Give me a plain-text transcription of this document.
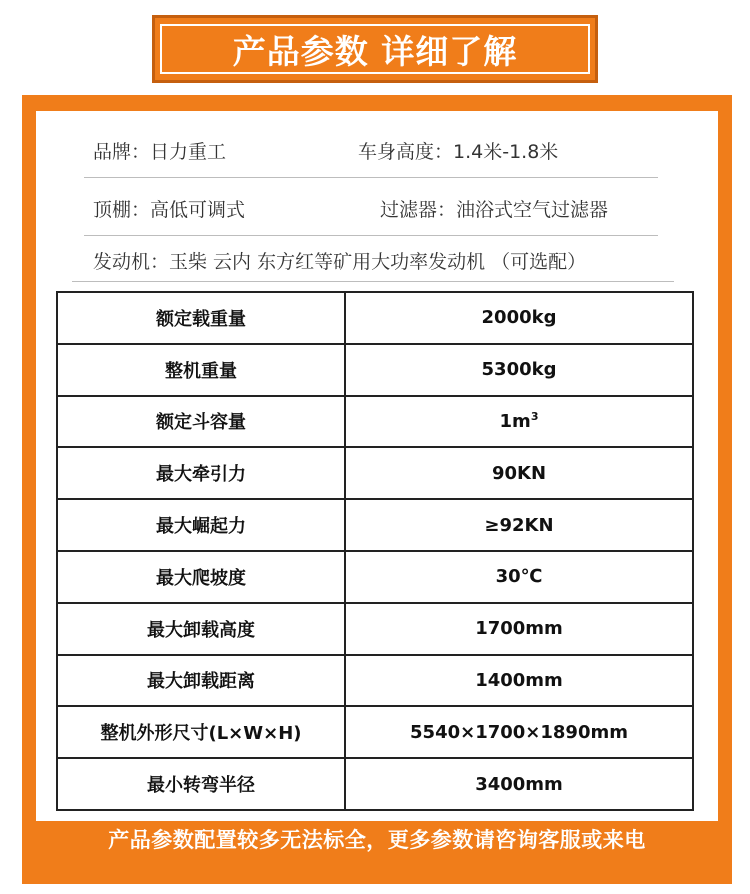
产品参数 详细了解
品牌：日力重工	车身高度：1.4米-1.8米
顶棚：高低可调式	过滤器：油浴式空气过滤器
发动机：玉柴 云内 东方红等矿用大功率发动机 （可选配）
额定载重量	2000kg
整机重量	5300kg
额定斗容量	$1m^3$
最大牵引力	90KN
最大崛起力	≥92KN
最大爬坡度	30℃
最大卸载高度	1700mm
最大卸载距离	1400mm
整机外形尺寸(L×W×H)	5540×1700×1890mm
最小转弯半径	3400mm
产品参数配置较多无法标全，更多参数请咨询客服或来电
